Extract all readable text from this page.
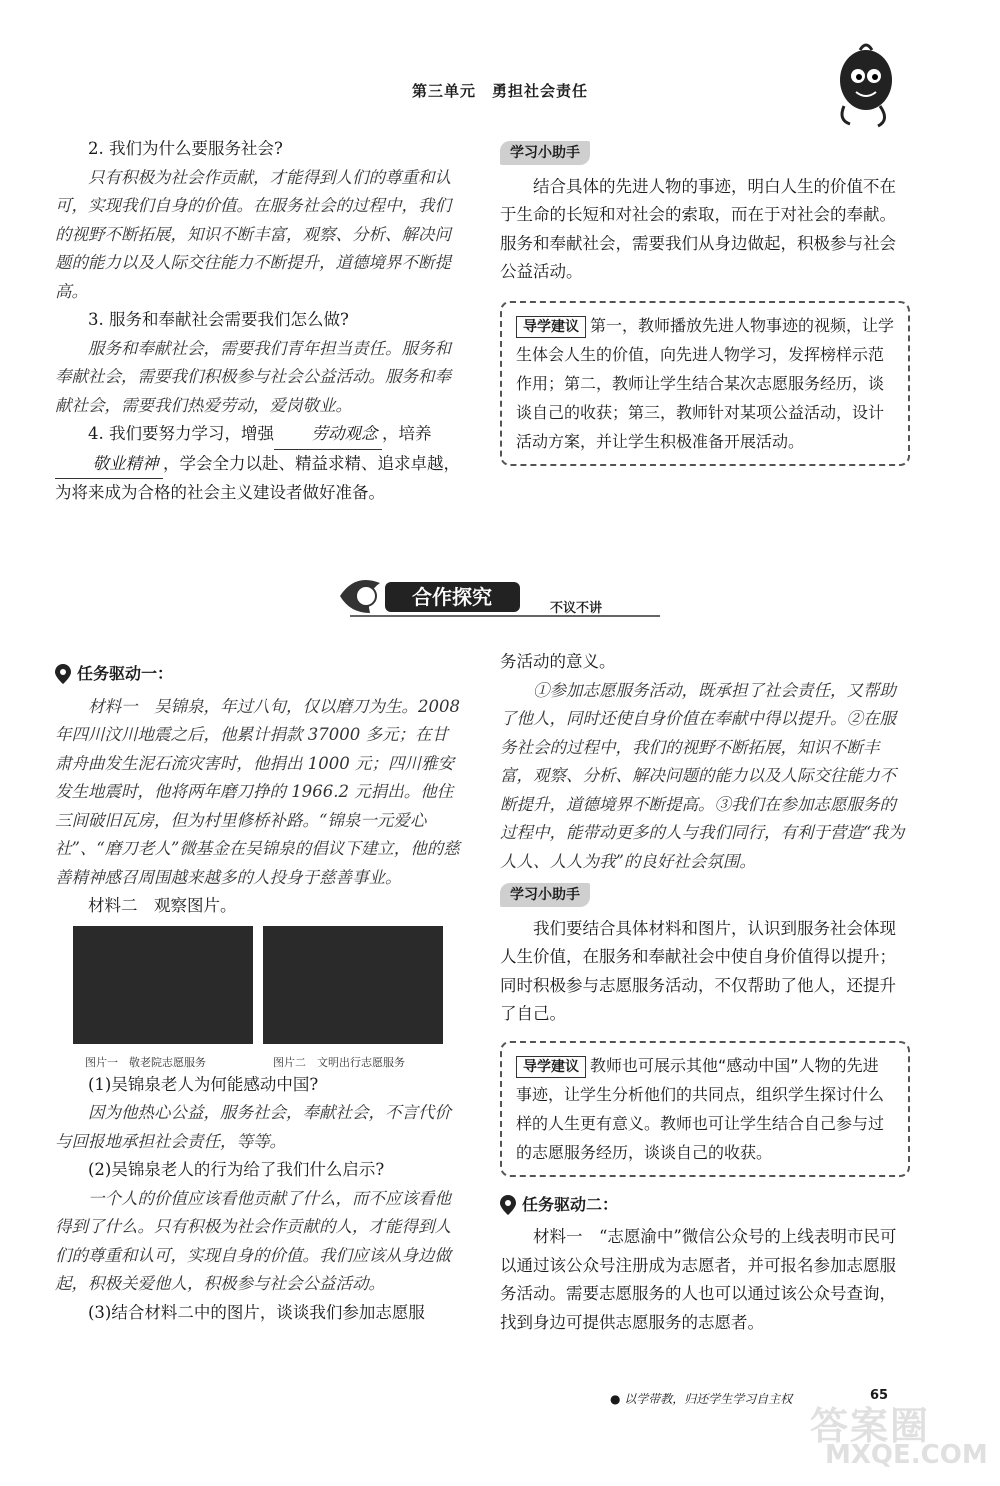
第三单元　勇担社会责任

2. 我们为什么要服务社会?

只有积极为社会作贡献，才能得到人们的尊重和认可，实现我们自身的价值。在服务社会的过程中，我们的视野不断拓展，知识不断丰富，观察、分析、解决问题的能力以及人际交往能力不断提升，道德境界不断提高。

3. 服务和奉献社会需要我们怎么做?

服务和奉献社会，需要我们青年担当责任。服务和奉献社会，需要我们积极参与社会公益活动。服务和奉献社会，需要我们热爱劳动，爱岗敬业。

4. 我们要努力学习，增强 劳动观念 ，培养
敬业精神 ，学会全力以赴、精益求精、追求卓越，为将来成为合格的社会主义建设者做好准备。

学习小助手

结合具体的先进人物的事迹，明白人生的价值不在于生命的长短和对社会的索取，而在于对社会的奉献。服务和奉献社会，需要我们从身边做起，积极参与社会公益活动。

导学建议 第一，教师播放先进人物事迹的视频，让学生体会人生的价值，向先进人物学习，发挥榜样示范作用；第二，教师让学生结合某次志愿服务经历，谈谈自己的收获；第三，教师针对某项公益活动，设计活动方案，并让学生积极准备开展活动。
合作探究	不议不讲
任务驱动一：

材料一　吴锦泉，年过八旬，仅以磨刀为生。2008年四川汶川地震之后，他累计捐款 37000 多元；在甘肃舟曲发生泥石流灾害时，他捐出 1000 元；四川雅安发生地震时，他将两年磨刀挣的 1966.2 元捐出。他住三间破旧瓦房，但为村里修桥补路。“锦泉一元爱心社”、“磨刀老人”微基金在吴锦泉的倡议下建立，他的慈善精神感召周围越来越多的人投身于慈善事业。

材料二　观察图片。

图片一　敬老院志愿服务	图片二　文明出行志愿服务

(1)吴锦泉老人为何能感动中国?

因为他热心公益，服务社会，奉献社会，不言代价与回报地承担社会责任，等等。

(2)吴锦泉老人的行为给了我们什么启示?

一个人的价值应该看他贡献了什么，而不应该看他得到了什么。只有积极为社会作贡献的人，才能得到人们的尊重和认可，实现自身的价值。我们应该从身边做起，积极关爱他人，积极参与社会公益活动。

(3)结合材料二中的图片，谈谈我们参加志愿服

务活动的意义。

①参加志愿服务活动，既承担了社会责任，又帮助了他人，同时还使自身价值在奉献中得以提升。②在服务社会的过程中，我们的视野不断拓展，知识不断丰富，观察、分析、解决问题的能力以及人际交往能力不断提升，道德境界不断提高。③我们在参加志愿服务的过程中，能带动更多的人与我们同行，有利于营造“我为人人、人人为我”的良好社会氛围。

学习小助手

我们要结合具体材料和图片，认识到服务社会体现人生价值，在服务和奉献社会中使自身价值得以提升；同时积极参与志愿服务活动，不仅帮助了他人，还提升了自己。

导学建议 教师也可展示其他“感动中国”人物的先进事迹，让学生分析他们的共同点，组织学生探讨什么样的人生更有意义。教师也可让学生结合自己参与过的志愿服务经历，谈谈自己的收获。
任务驱动二：

材料一　“志愿渝中”微信公众号的上线表明市民可以通过该公众号注册成为志愿者，并可报名参加志愿服务活动。需要志愿服务的人也可以通过该公众号查询，找到身边可提供志愿服务的志愿者。

答案圈
MXQE.COM
● 以学带教，归还学生学习自主权	65
